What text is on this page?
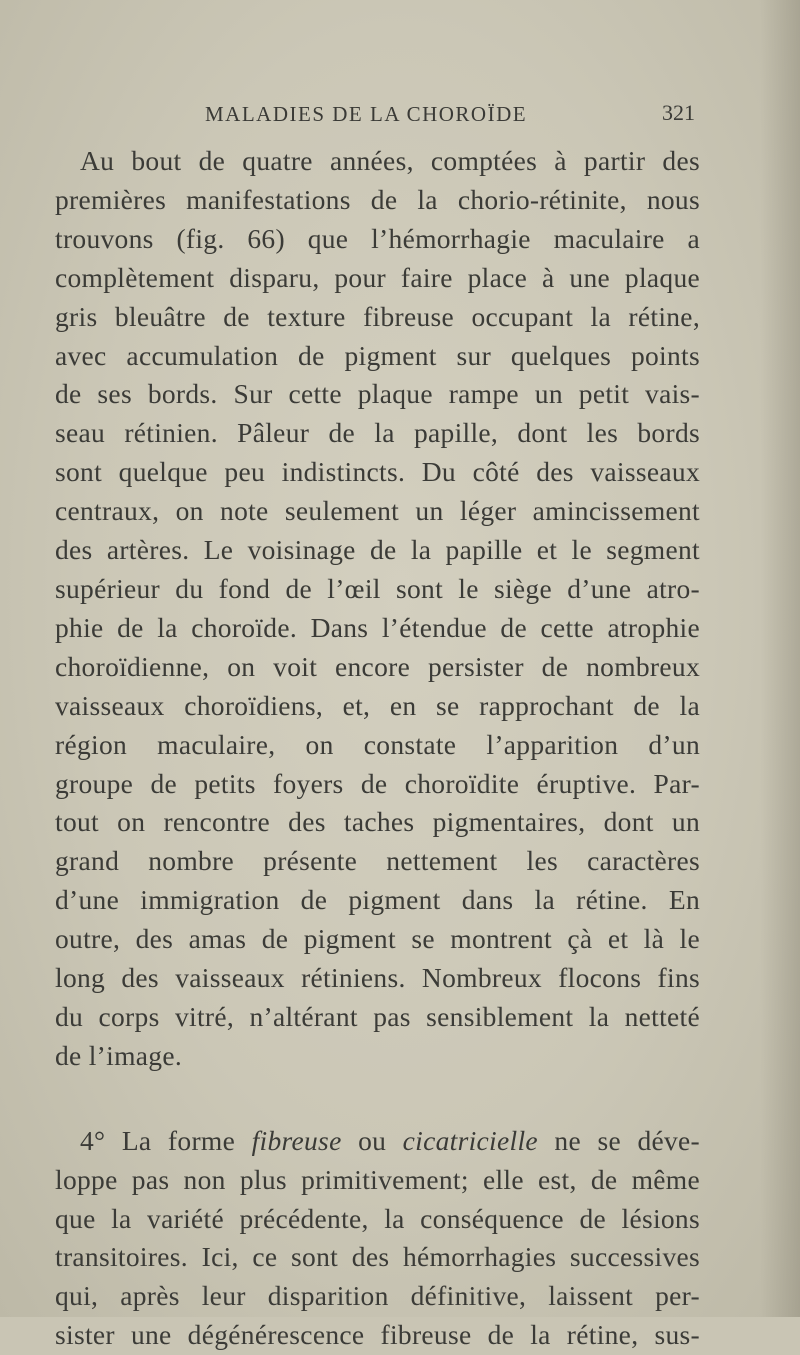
MALADIES DE LA CHOROÏDE	321

Au bout de quatre années, comptées à partir des
premières manifestations de la chorio-rétinite, nous
trouvons (fig. 66) que l’hémorrhagie maculaire a
complètement disparu, pour faire place à une plaque
gris bleuâtre de texture fibreuse occupant la rétine,
avec accumulation de pigment sur quelques points
de ses bords. Sur cette plaque rampe un petit vais-
seau rétinien. Pâleur de la papille, dont les bords
sont quelque peu indistincts. Du côté des vaisseaux
centraux, on note seulement un léger amincissement
des artères. Le voisinage de la papille et le segment
supérieur du fond de l’œil sont le siège d’une atro-
phie de la choroïde. Dans l’étendue de cette atrophie
choroïdienne, on voit encore persister de nombreux
vaisseaux choroïdiens, et, en se rapprochant de la
région maculaire, on constate l’apparition d’un
groupe de petits foyers de choroïdite éruptive. Par-
tout on rencontre des taches pigmentaires, dont un
grand nombre présente nettement les caractères
d’une immigration de pigment dans la rétine. En
outre, des amas de pigment se montrent çà et là le
long des vaisseaux rétiniens. Nombreux flocons fins
du corps vitré, n’altérant pas sensiblement la netteté
de l’image.

4° La forme fibreuse ou cicatricielle ne se déve-
loppe pas non plus primitivement; elle est, de même
que la variété précédente, la conséquence de lésions
transitoires. Ici, ce sont des hémorrhagies successives
qui, après leur disparition définitive, laissent per-
sister une dégénérescence fibreuse de la rétine, sus-
